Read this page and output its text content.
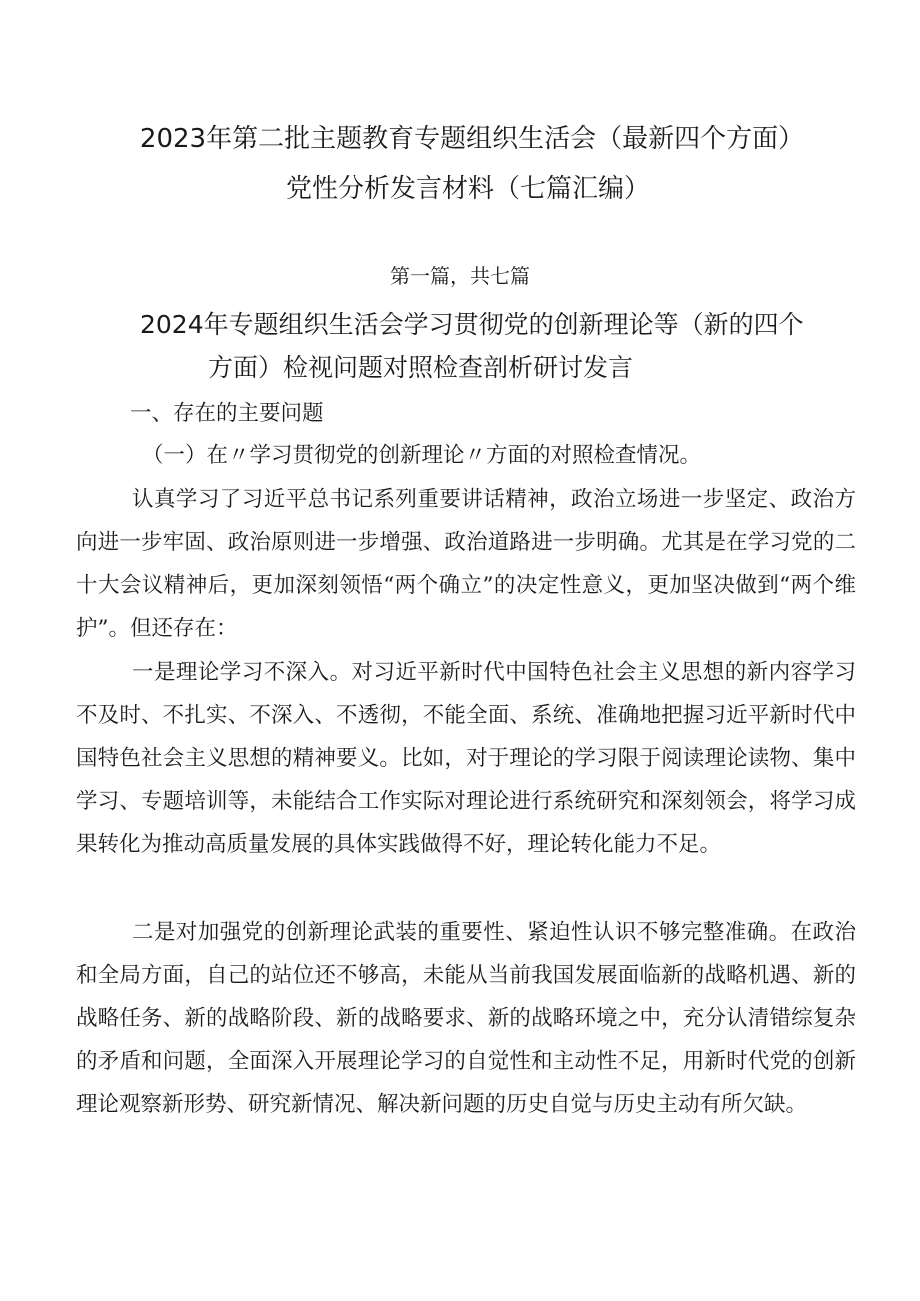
2023年第二批主题教育专题组织生活会（最新四个方面）
党性分析发言材料（七篇汇编）
第一篇，共七篇
2024年专题组织生活会学习贯彻党的创新理论等（新的四个
方面）检视问题对照检查剖析研讨发言
一、存在的主要问题
（一）在〃学习贯彻党的创新理论〃方面的对照检查情况。
认真学习了习近平总书记系列重要讲话精神，政治立场进一步坚定、政治方向进一步牢固、政治原则进一步增强、政治道路进一步明确。尤其是在学习党的二十大会议精神后，更加深刻领悟“两个确立”的决定性意义，更加坚决做到“两个维护”。但还存在：
一是理论学习不深入。对习近平新时代中国特色社会主义思想的新内容学习不及时、不扎实、不深入、不透彻，不能全面、系统、准确地把握习近平新时代中国特色社会主义思想的精神要义。比如，对于理论的学习限于阅读理论读物、集中学习、专题培训等，未能结合工作实际对理论进行系统研究和深刻领会，将学习成果转化为推动高质量发展的具体实践做得不好，理论转化能力不足。
二是对加强党的创新理论武装的重要性、紧迫性认识不够完整准确。在政治和全局方面，自己的站位还不够高，未能从当前我国发展面临新的战略机遇、新的战略任务、新的战略阶段、新的战略要求、新的战略环境之中，充分认清错综复杂的矛盾和问题，全面深入开展理论学习的自觉性和主动性不足，用新时代党的创新理论观察新形势、研究新情况、解决新问题的历史自觉与历史主动有所欠缺。
